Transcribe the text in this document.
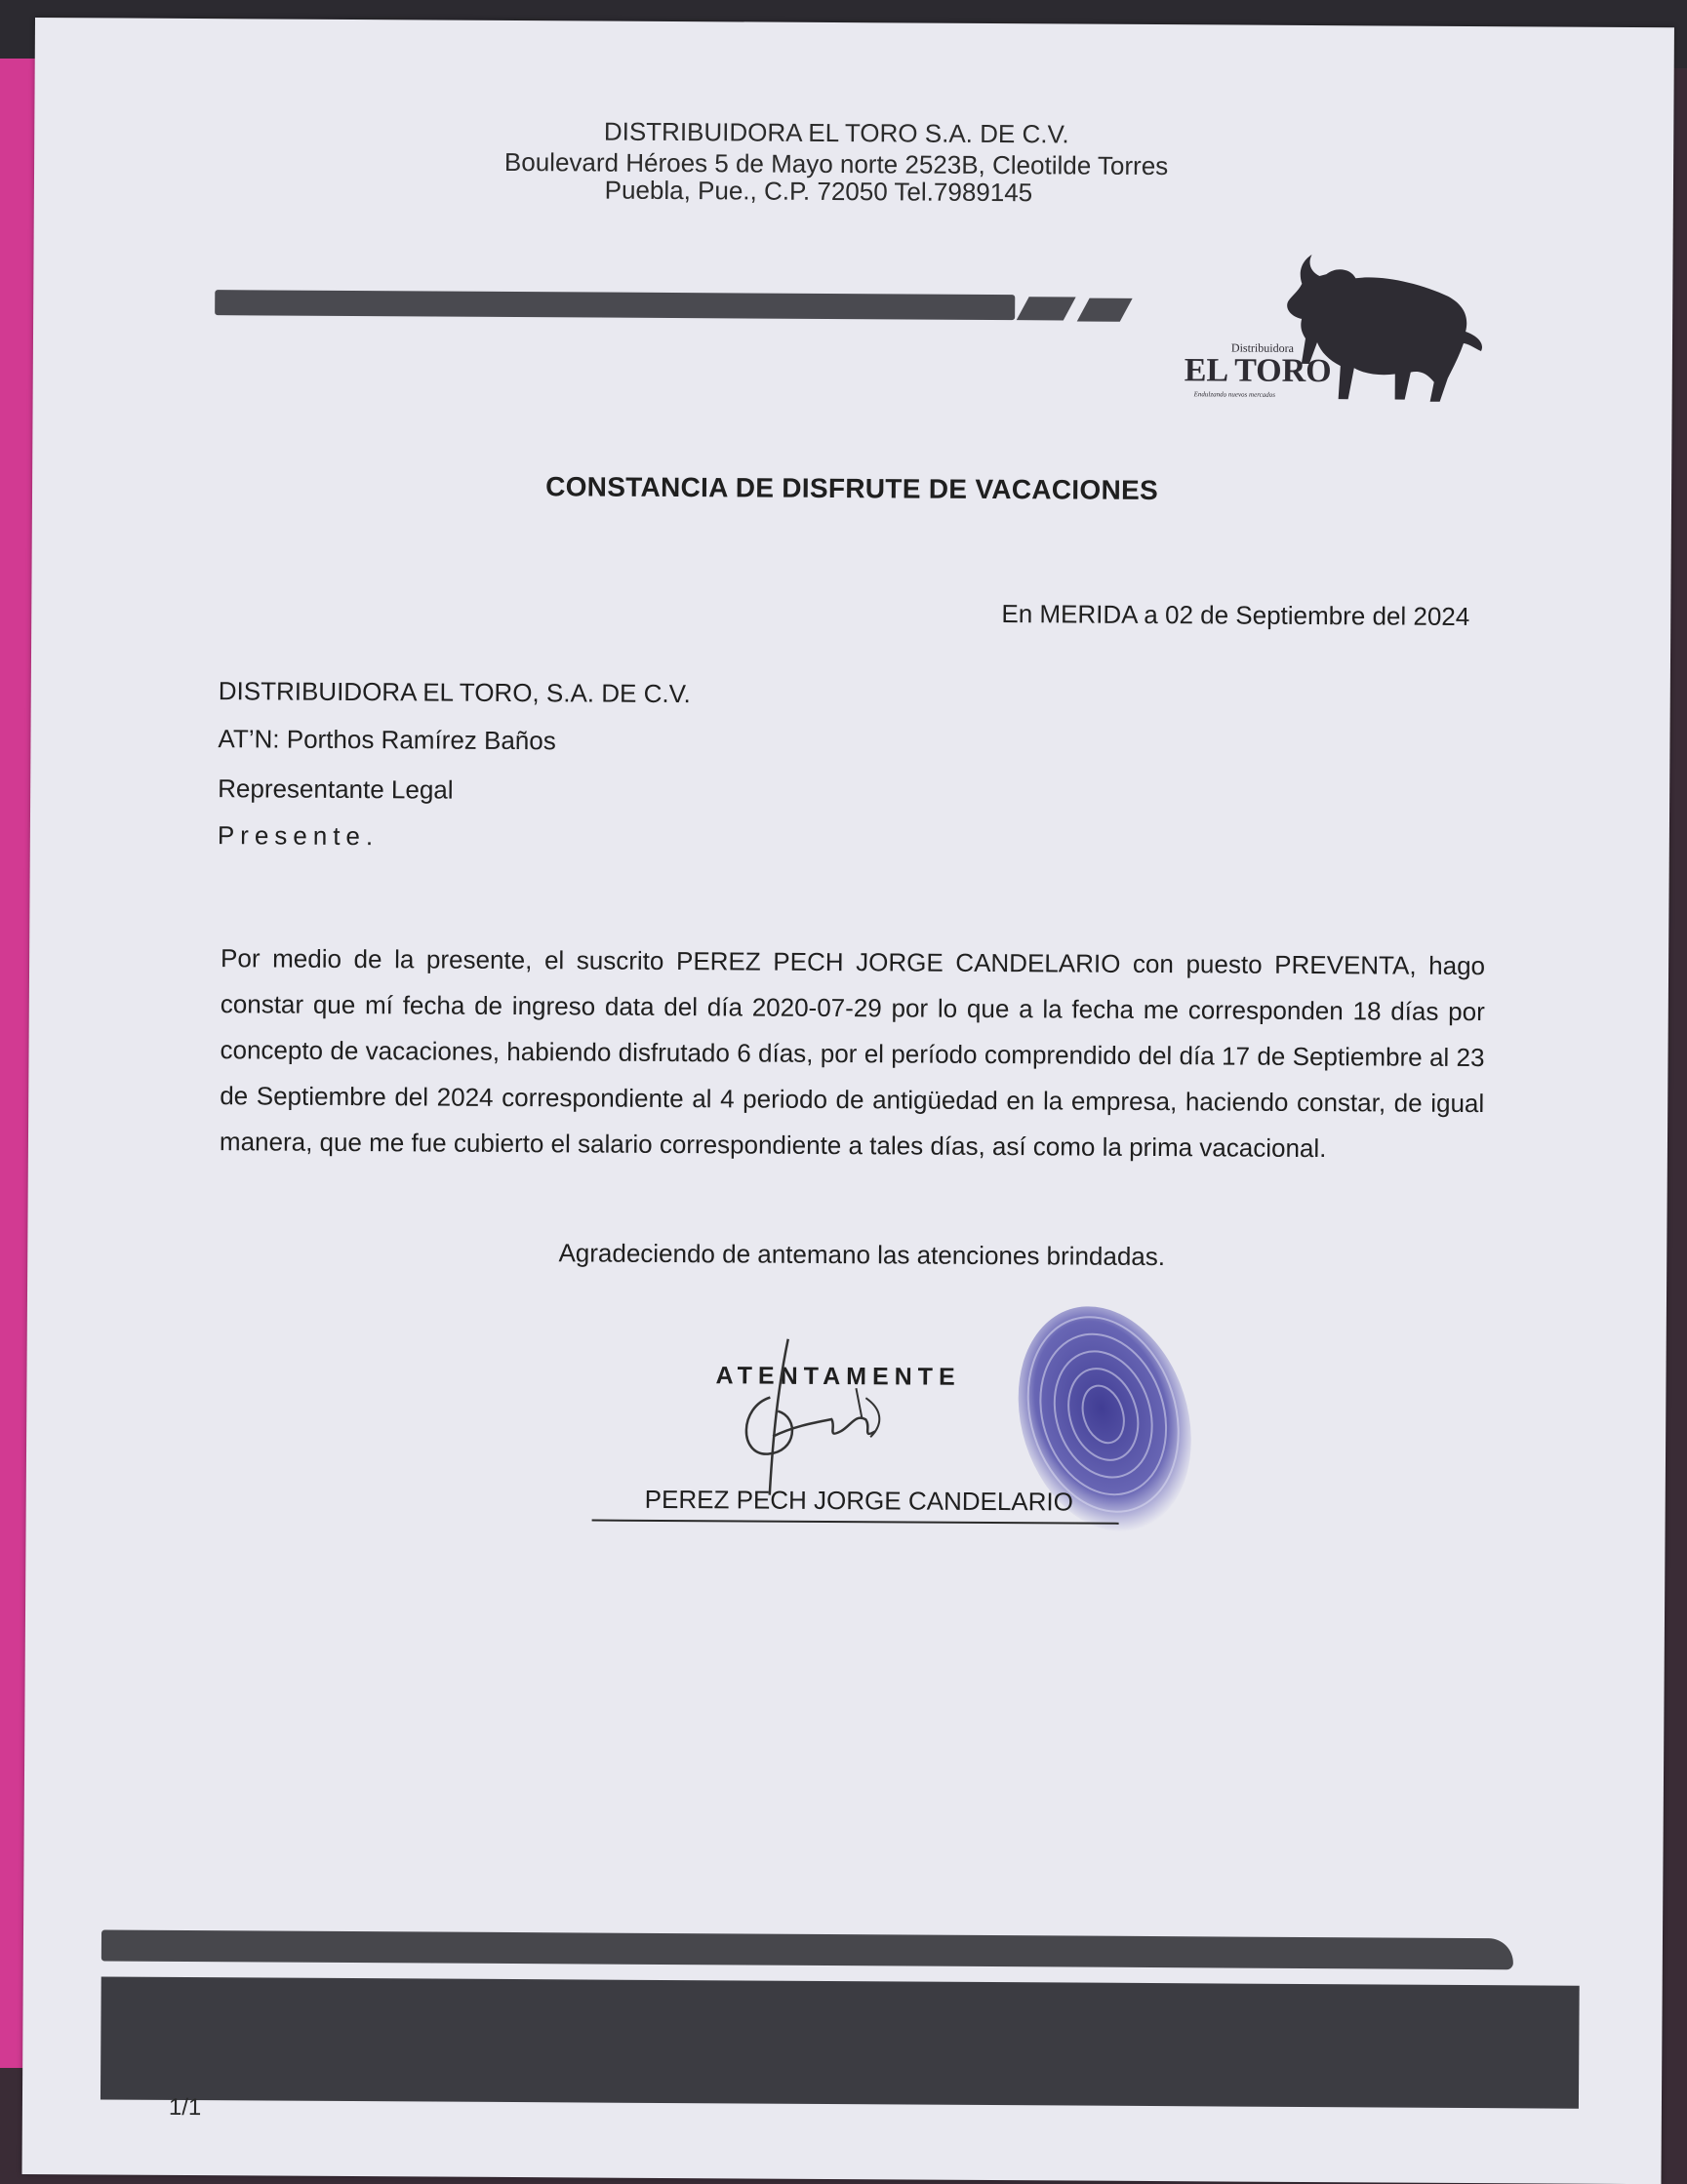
DISTRIBUIDORA EL TORO S.A. DE C.V.
Boulevard Héroes 5 de Mayo norte 2523B, Cleotilde Torres
Puebla, Pue., C.P. 72050 Tel.7989145
Distribuidora
EL TORO
Endulzando nuevos mercados
CONSTANCIA DE DISFRUTE DE VACACIONES
En MERIDA a 02 de Septiembre del 2024
DISTRIBUIDORA EL TORO, S.A. DE C.V.
AT’N: Porthos Ramírez Baños
Representante Legal
Presente.
Por medio de la presente, el suscrito PEREZ PECH JORGE CANDELARIO con puesto PREVENTA, hago constar que mí fecha de ingreso data del día 2020-07-29 por lo que a la fecha me corresponden 18 días por concepto de vacaciones, habiendo disfrutado 6 días, por el período comprendido del día 17 de Septiembre al 23 de Septiembre del 2024 correspondiente al 4 periodo de antigüedad en la empresa, haciendo constar, de igual manera, que me fue cubierto el salario correspondiente a tales días, así como la prima vacacional.
Agradeciendo de antemano las atenciones brindadas.
ATENTAMENTE
PEREZ PECH JORGE CANDELARIO
1/1
